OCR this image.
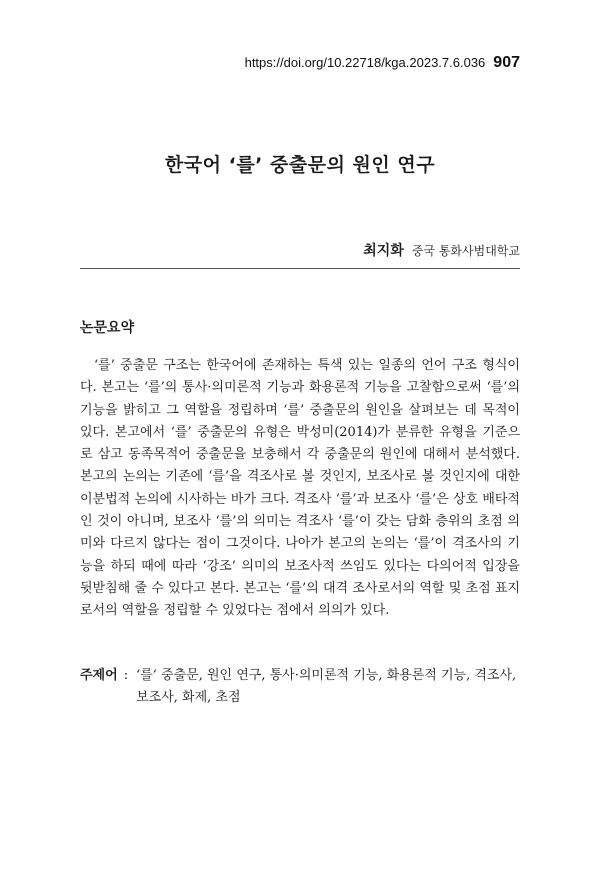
https://doi.org/10.22718/kga.2023.7.6.036 907
한국어 ‘를’ 중출문의 원인 연구
최지화 중국 통화사범대학교
논문요약

‘를’ 중출문 구조는 한국어에 존재하는 특색 있는 일종의 언어 구조 형식이다. 본고는 ‘를’의 통사·의미론적 기능과 화용론적 기능을 고찰함으로써 ‘를’의 기능을 밝히고 그 역할을 정립하며 ‘를’ 중출문의 원인을 살펴보는 데 목적이 있다. 본고에서 ‘를’ 중출문의 유형은 박성미(2014)가 분류한 유형을 기준으로 삼고 동족목적어 중출문을 보충해서 각 중출문의 원인에 대해서 분석했다. 본고의 논의는 기존에 ‘를’을 격조사로 볼 것인지, 보조사로 볼 것인지에 대한 이분법적 논의에 시사하는 바가 크다. 격조사 ‘를’과 보조사 ‘를’은 상호 배타적인 것이 아니며, 보조사 ‘를’의 의미는 격조사 ‘를’이 갖는 담화 층위의 초점 의미와 다르지 않다는 점이 그것이다. 나아가 본고의 논의는 ‘를’이 격조사의 기능을 하되 때에 따라 ‘강조’ 의미의 보조사적 쓰임도 있다는 다의어적 입장을 뒷받침해 줄 수 있다고 본다. 본고는 ‘를’의 대격 조사로서의 역할 및 초점 표지로서의 역할을 정립할 수 있었다는 점에서 의의가 있다.

주제어 : ‘를’ 중출문, 원인 연구, 통사·의미론적 기능, 화용론적 기능, 격조사, 보조사, 화제, 초점
